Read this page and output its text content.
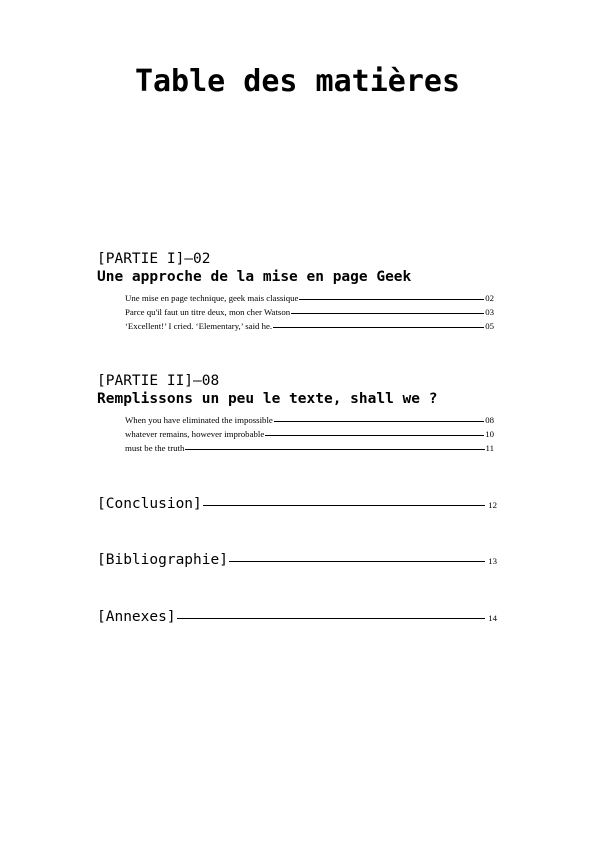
Table des matières
[PARTIE I]–02
Une approche de la mise en page Geek
Une mise en page technique, geek mais classique	02
Parce qu'il faut un titre deux, mon cher Watson	03
‘Excellent!’ I cried. ‘Elementary,’ said he.	05
[PARTIE II]–08
Remplissons un peu le texte, shall we ?
When you have eliminated the impossible	08
whatever remains, however improbable	10
must be the truth	11
[Conclusion]	12
[Bibliographie]	13
[Annexes]	14
